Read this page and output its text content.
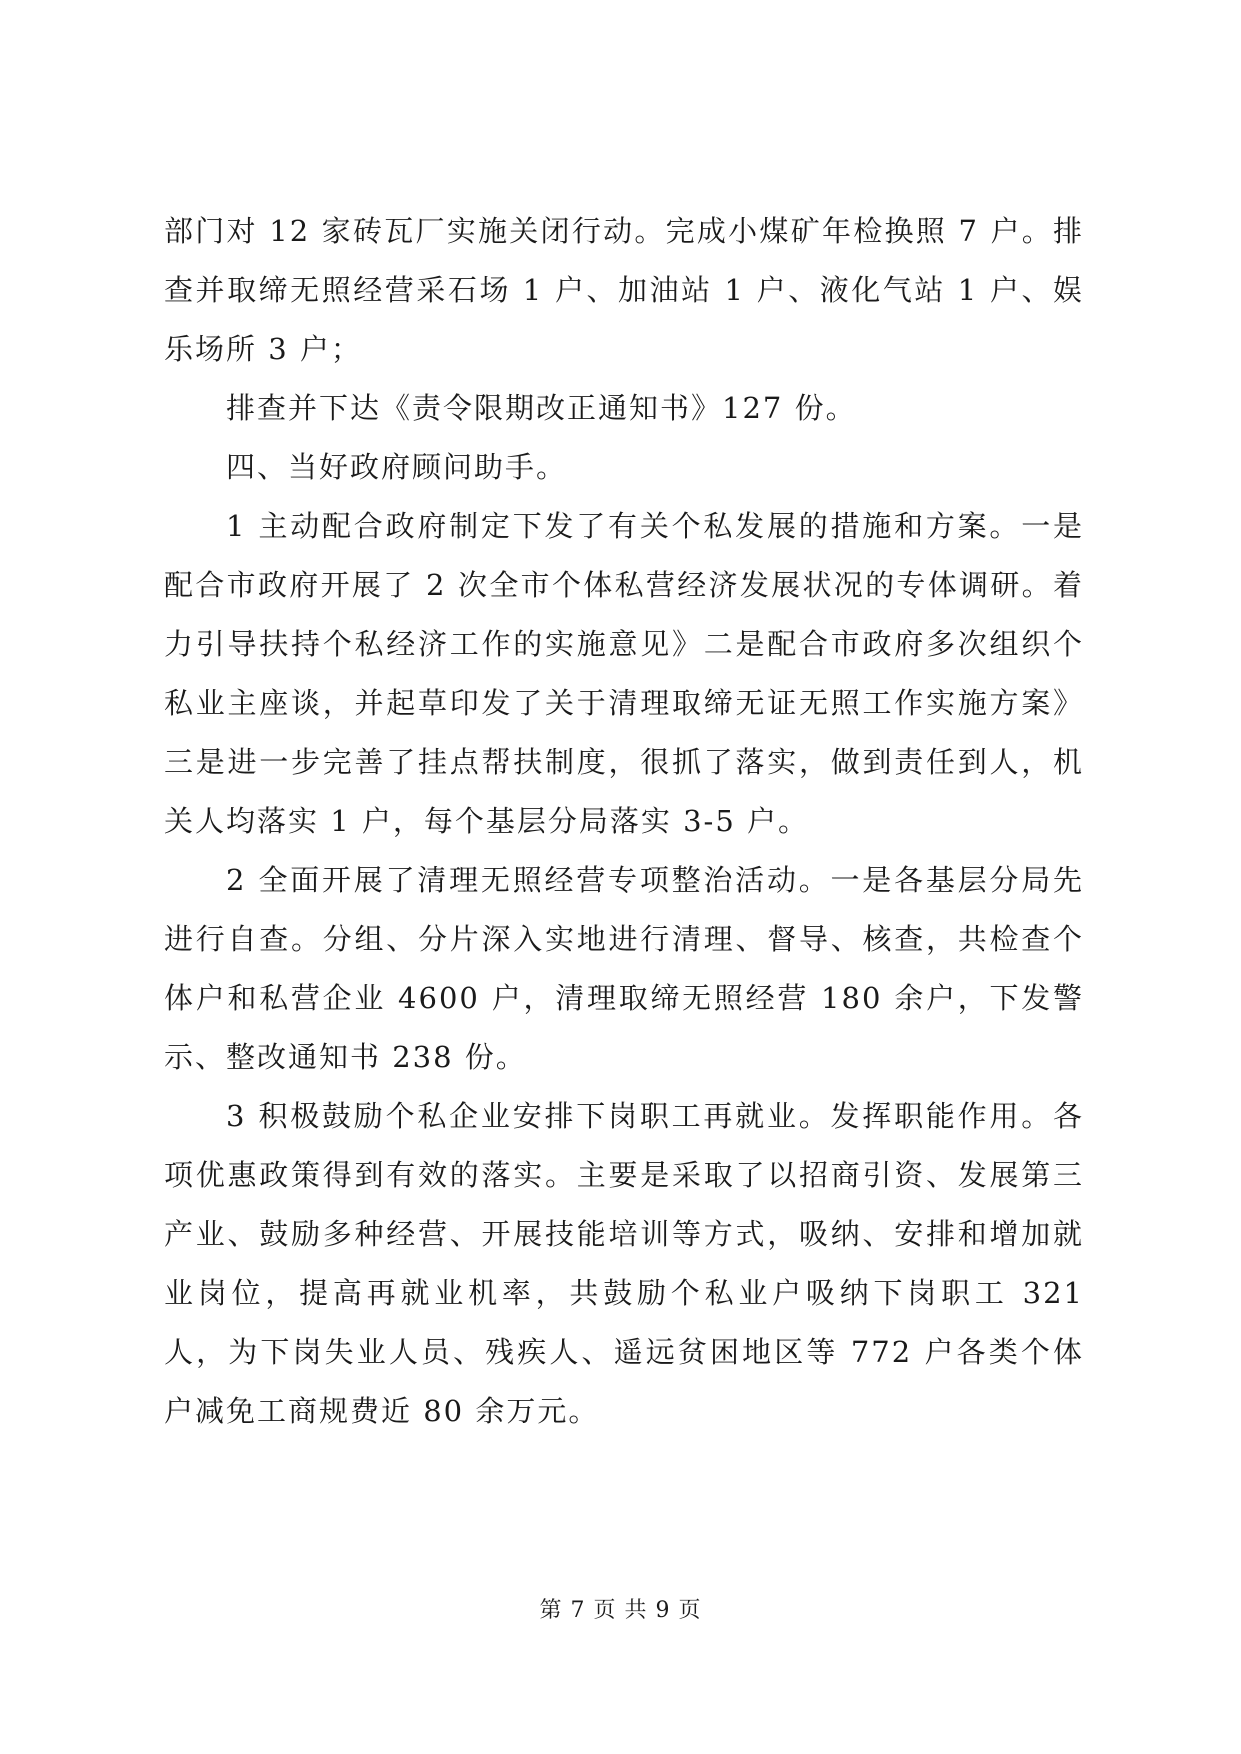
部门对 12 家砖瓦厂实施关闭行动。完成小煤矿年检换照 7 户。排查并取缔无照经营采石场 1 户、加油站 1 户、液化气站 1 户、娱乐场所 3 户；

排查并下达《责令限期改正通知书》127 份。

四、当好政府顾问助手。

1 主动配合政府制定下发了有关个私发展的措施和方案。一是配合市政府开展了 2 次全市个体私营经济发展状况的专体调研。着力引导扶持个私经济工作的实施意见》二是配合市政府多次组织个私业主座谈，并起草印发了关于清理取缔无证无照工作实施方案》三是进一步完善了挂点帮扶制度，很抓了落实，做到责任到人，机关人均落实 1 户，每个基层分局落实 3-5 户。

2 全面开展了清理无照经营专项整治活动。一是各基层分局先进行自查。分组、分片深入实地进行清理、督导、核查，共检查个体户和私营企业 4600 户，清理取缔无照经营 180 余户，下发警示、整改通知书 238 份。

3 积极鼓励个私企业安排下岗职工再就业。发挥职能作用。各项优惠政策得到有效的落实。主要是采取了以招商引资、发展第三产业、鼓励多种经营、开展技能培训等方式，吸纳、安排和增加就业岗位，提高再就业机率，共鼓励个私业户吸纳下岗职工 321 人，为下岗失业人员、残疾人、遥远贫困地区等 772 户各类个体户减免工商规费近 80 余万元。

第 7 页 共 9 页
